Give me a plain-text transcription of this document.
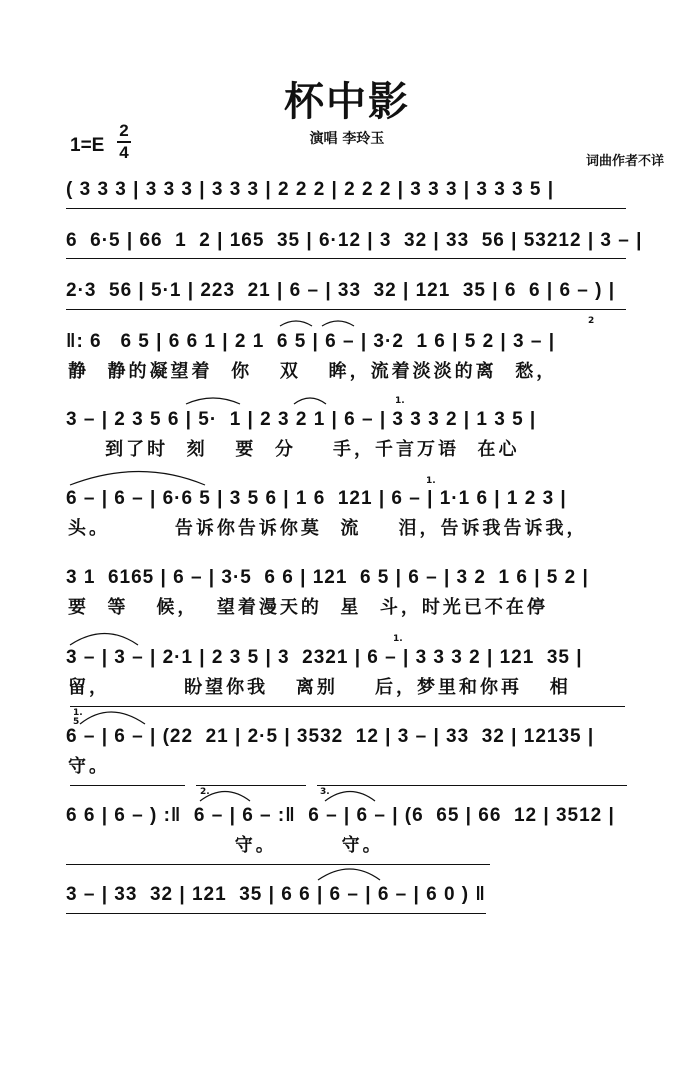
杯中影
演唱 李玲玉
词曲作者不详
1=E
2
4
( 3 3 3 | 3 3 3 | 3 3 3 | 2 2 2 | 2 2 2 | 3 3 3 | 3 3 3 5 |
6  6·5 | 66  1  2 | 165  35 | 6·12 | 3  32 | 33  56 | 53212 | 3 – |
2·3  56 | 5·1 | 223  21 | 6 – | 33  32 | 121  35 | 6  6 | 6 – ) |
‖: 6   6 5 | 6 6 1 | 2 1  6 5 | 6 – | 3·2  1 6 | 5 2 | 3 – |
静  静的凝望着  你   双   眸，流着淡淡的离  愁，
2
3 – | 2 3 5 6 | 5·  1 | 2 3 2 1 | 6 – | 3 3 3 2 | 1 3 5 |
到了时  刻   要  分    手，千言万语  在心
1.
6 – | 6 – | 6·6 5 | 3 5 6 | 1 6  121 | 6 – | 1·1 6 | 1 2 3 |
头。       告诉你告诉你莫  流    泪，告诉我告诉我，
1.
3 1  6165 | 6 – | 3·5  6 6 | 121  6 5 | 6 – | 3 2  1 6 | 5 2 |
要  等   候，  望着漫天的  星  斗，时光已不在停
3 – | 3 – | 2·1 | 2 3 5 | 3  2321 | 6 – | 3 3 3 2 | 121  35 |
留，        盼望你我   离别    后，梦里和你再   相
1.
1.
5
6 – | 6 – | (22  21 | 2·5 | 3532  12 | 3 – | 33  32 | 12135 |
守。
2.	3.
6 6 | 6 – ) :‖  6 – | 6 – :‖  6 – | 6 – | (6  65 | 66  12 | 3512 |
守。       守。
3 – | 33  32 | 121  35 | 6 6 | 6 – | 6 – | 6 0 ) ‖
